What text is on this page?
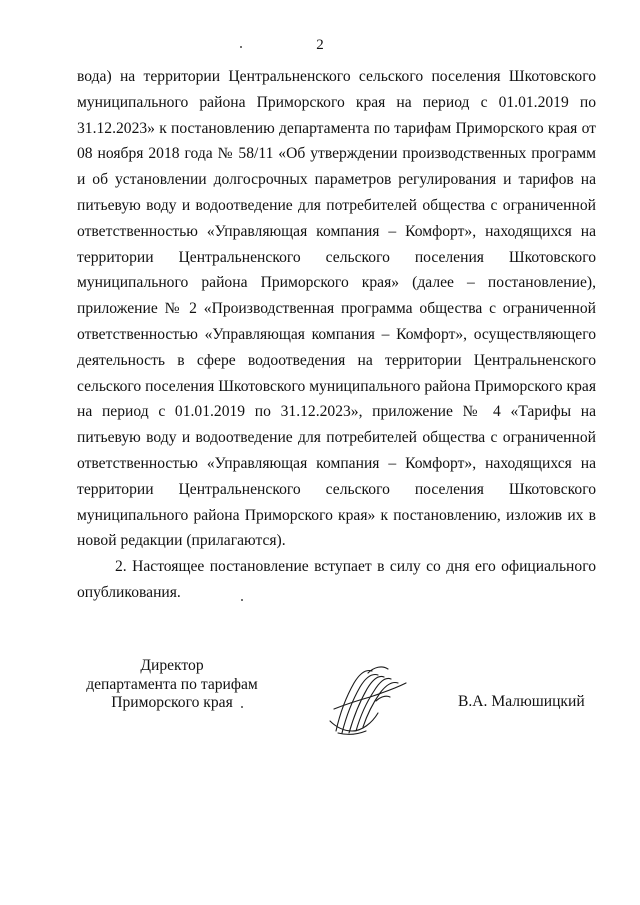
2

вода) на территории Центральненского сельского поселения Шкотовского муниципального района Приморского края на период с 01.01.2019 по 31.12.2023» к постановлению департамента по тарифам Приморского края от 08 ноября 2018 года № 58/11 «Об утверждении производственных программ и об установлении долгосрочных параметров регулирования и тарифов на питьевую воду и водоотведение для потребителей общества с ограниченной ответственностью «Управляющая компания – Комфорт», находящихся на территории Центральненского сельского поселения Шкотовского муниципального района Приморского края» (далее – постановление), приложение № 2 «Производственная программа общества с ограниченной ответственностью «Управляющая компания – Комфорт», осуществляющего деятельность в сфере водоотведения на территории Центральненского сельского поселения Шкотовского муниципального района Приморского края на период с 01.01.2019 по 31.12.2023», приложение № 4 «Тарифы на питьевую воду и водоотведение для потребителей общества с ограниченной ответственностью «Управляющая компания – Комфорт», находящихся на территории Центральненского сельского поселения Шкотовского муниципального района Приморского края» к постановлению, изложив их в новой редакции (прилагаются).

2. Настоящее постановление вступает в силу со дня его официального опубликования.

Директор
департамента по тарифам
Приморского края	В.А. Малюшицкий
